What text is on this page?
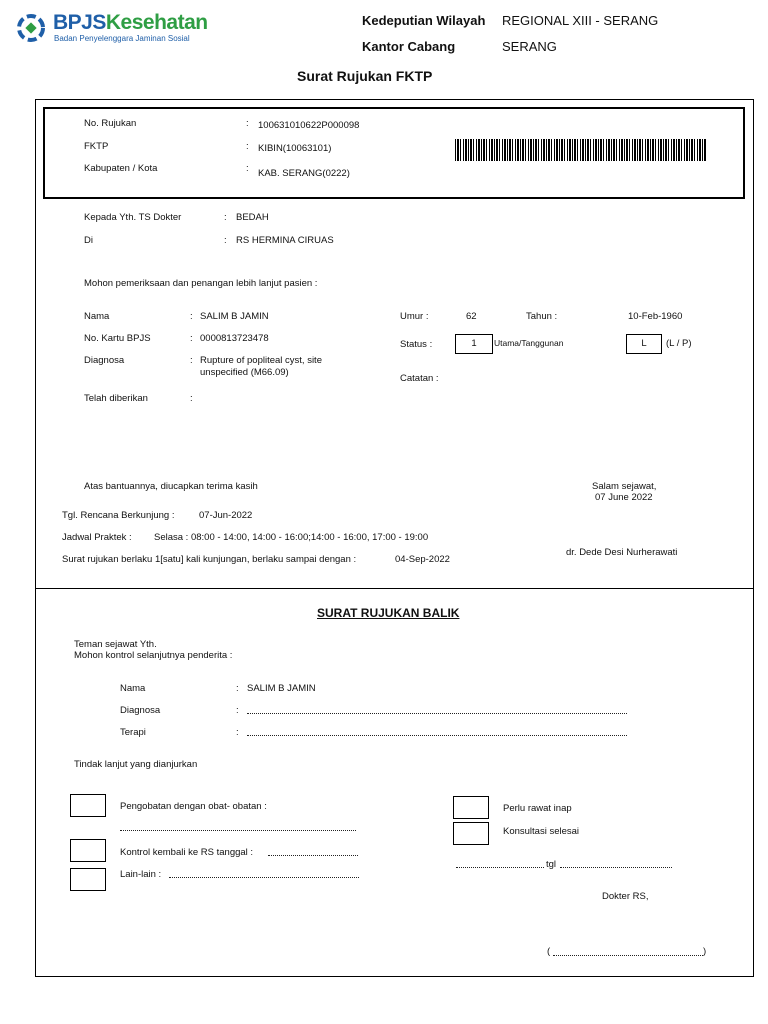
BPJSKesehatan
Badan Penyelenggara Jaminan Sosial
Kedeputian Wilayah REGIONAL XIII - SERANG
Kantor Cabang	SERANG
Surat Rujukan FKTP
No. Rujukan	: 100631010622P000098
FKTP	: KIBIN(10063101)
Kabupaten / Kota	: KAB. SERANG(0222)
Kepada Yth. TS Dokter	: BEDAH
Di	: RS HERMINA CIRUAS
Mohon pemeriksaan dan penangan lebih lanjut pasien :
Nama	: SALIM B JAMIN
No. Kartu BPJS	: 0000813723478
Diagnosa	: Rupture of popliteal cyst, site
unspecified (M66.09)
Telah diberikan	:
Umur :	62	Tahun :	10-Feb-1960
Status :	1	Utama/Tanggunan	L	(L / P)
Catatan :
Atas bantuannya, diucapkan terima kasih	Salam sejawat,
07 June 2022
Tgl. Rencana Berkunjung :	07-Jun-2022
Jadwal Praktek : Selasa : 08:00 - 14:00, 14:00 - 16:00;14:00 - 16:00, 17:00 - 19:00
dr. Dede Desi Nurherawati
Surat rujukan berlaku 1[satu] kali kunjungan, berlaku sampai dengan :	04-Sep-2022
SURAT RUJUKAN BALIK
Teman sejawat Yth.
Mohon kontrol selanjutnya penderita :
Nama	: SALIM B JAMIN
Diagnosa	:
Terapi	:
Tindak lanjut yang dianjurkan
Pengobatan dengan obat- obatan :
Kontrol kembali ke RS tanggal :
Lain-lain :
Perlu rawat inap
Konsultasi selesai
tgl
Dokter RS,
(	)
